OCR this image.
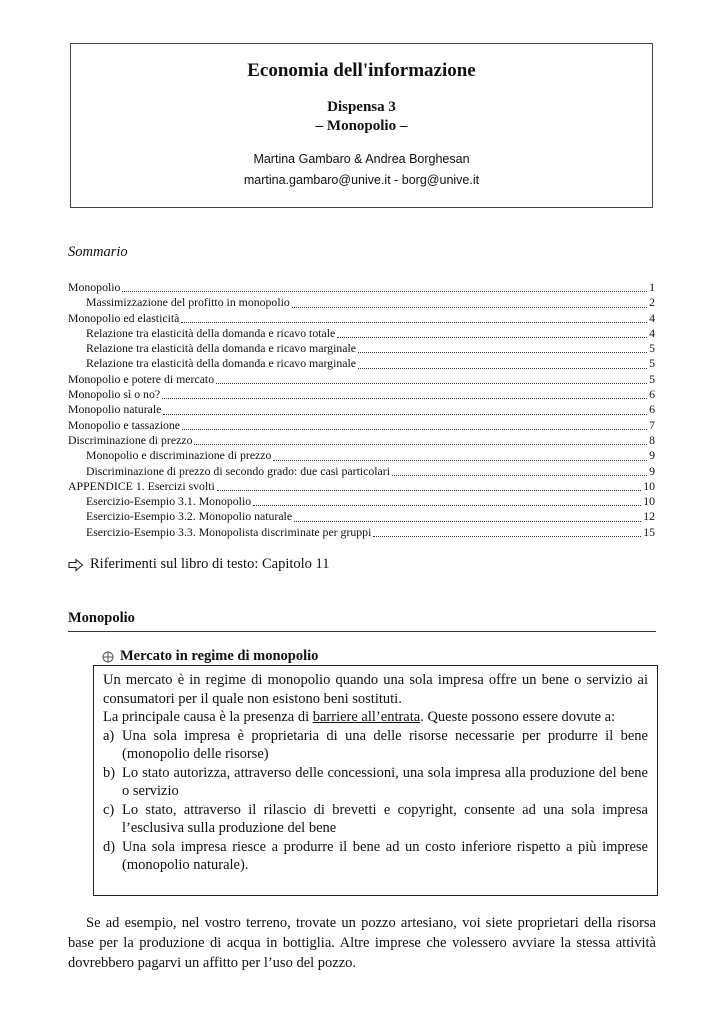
Economia dell'informazione
Dispensa 3
– Monopolio –
Martina Gambaro & Andrea Borghesan
martina.gambaro@unive.it - borg@unive.it
Sommario
Monopolio	1
Massimizzazione del profitto in monopolio	2
Monopolio ed elasticità	4
Relazione tra elasticità della domanda e ricavo totale	4
Relazione tra elasticità della domanda e ricavo marginale	5
Relazione tra elasticità della domanda e ricavo marginale	5
Monopolio e potere di mercato	5
Monopolio sì o no?	6
Monopolio naturale	6
Monopolio e tassazione	7
Discriminazione di prezzo	8
Monopolio e discriminazione di prezzo	9
Discriminazione di prezzo di secondo grado: due casi particolari	9
APPENDICE 1. Esercizi svolti	10
Esercizio-Esempio 3.1. Monopolio	10
Esercizio-Esempio 3.2. Monopolio naturale	12
Esercizio-Esempio 3.3. Monopolista discriminate per gruppi	15
Riferimenti sul libro di testo: Capitolo 11
Monopolio
Mercato in regime di monopolio

Un mercato è in regime di monopolio quando una sola impresa offre un bene o servizio ai consumatori per il quale non esistono beni sostituti.

La principale causa è la presenza di barriere all’entrata. Queste possono essere dovute a:

a) Una sola impresa è proprietaria di una delle risorse necessarie per produrre il bene (monopolio delle risorse)
b) Lo stato autorizza, attraverso delle concessioni, una sola impresa alla produzione del bene o servizio
c) Lo stato, attraverso il rilascio di brevetti e copyright, consente ad una sola impresa l’esclusiva sulla produzione del bene
d) Una sola impresa riesce a produrre il bene ad un costo inferiore rispetto a più imprese (monopolio naturale).

Se ad esempio, nel vostro terreno, trovate un pozzo artesiano, voi siete proprietari della risorsa base per la produzione di acqua in bottiglia. Altre imprese che volessero avviare la stessa attività dovrebbero pagarvi un affitto per l’uso del pozzo.
